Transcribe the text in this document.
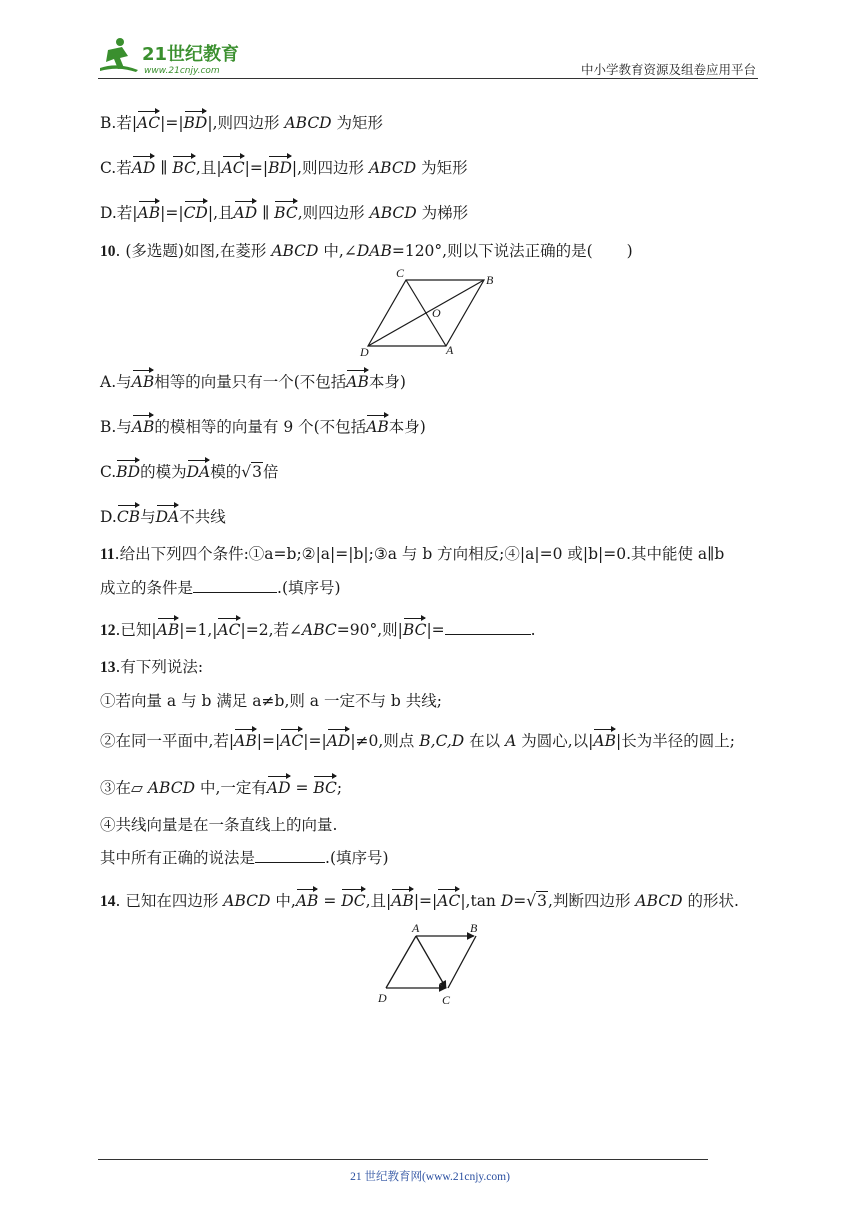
21世纪教育
www.21cnjy.com	中小学教育资源及组卷应用平台
B.若|AC|=|BD|,则四边形 ABCD 为矩形
C.若AD ∥ BC,且|AC|=|BD|,则四边形 ABCD 为矩形
D.若|AB|=|CD|,且AD ∥ BC,则四边形 ABCD 为梯形
10. (多选题)如图,在菱形 ABCD 中,∠DAB=120°,则以下说法正确的是( )
C	B
O
D	A
A.与AB相等的向量只有一个(不包括AB本身)
B.与AB的模相等的向量有 9 个(不包括AB本身)
C.BD的模为DA模的√3倍
D.CB与DA不共线
11.给出下列四个条件:①a=b;②|a|=|b|;③a 与 b 方向相反;④|a|=0 或|b|=0.其中能使 a∥b
成立的条件是	.(填序号)
12.已知|AB|=1,|AC|=2,若∠ABC=90°,则|BC|=	.
13.有下列说法:
①若向量 a 与 b 满足 a≠b,则 a 一定不与 b 共线;
②在同一平面中,若|AB|=|AC|=|AD|≠0,则点 B,C,D 在以 A 为圆心,以|AB|长为半径的圆上;
③在▱ ABCD 中,一定有AD = BC;
④共线向量是在一条直线上的向量.
其中所有正确的说法是	.(填序号)
14. 已知在四边形 ABCD 中,AB = DC,且|AB|=|AC|,tan D=√3,判断四边形 ABCD 的形状.
A	B
D	C
21 世纪教育网(www.21cnjy.com)
